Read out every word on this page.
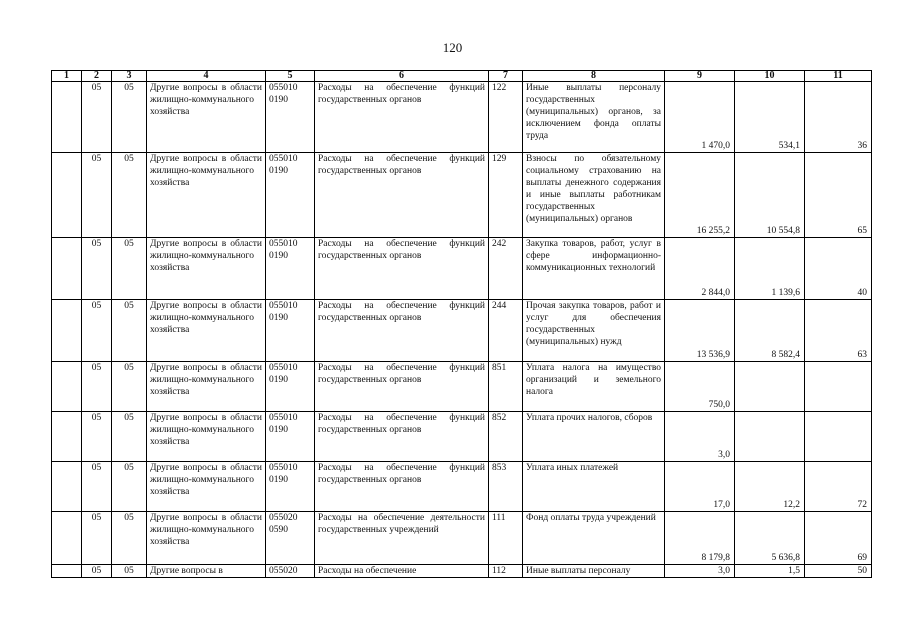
120
1	2	3	4	5	6	7	8	9	10	11
	05	05	Другие вопросы в области жилищно-коммунального хозяйства	055010 0190	Расходы на обеспечение функций государственных органов	122	Иные выплаты персоналу государственных (муниципальных) органов, за исключением фонда оплаты труда	1 470,0	534,1	36
	05	05	Другие вопросы в области жилищно-коммунального хозяйства	055010 0190	Расходы на обеспечение функций государственных органов	129	Взносы по обязательному социальному страхованию на выплаты денежного содержания и иные выплаты работникам государственных (муниципальных) органов	16 255,2	10 554,8	65
	05	05	Другие вопросы в области жилищно-коммунального хозяйства	055010 0190	Расходы на обеспечение функций государственных органов	242	Закупка товаров, работ, услуг в сфере информационно-коммуникационных технологий	2 844,0	1 139,6	40
	05	05	Другие вопросы в области жилищно-коммунального хозяйства	055010 0190	Расходы на обеспечение функций государственных органов	244	Прочая закупка товаров, работ и услуг для обеспечения государственных (муниципальных) нужд	13 536,9	8 582,4	63
	05	05	Другие вопросы в области жилищно-коммунального хозяйства	055010 0190	Расходы на обеспечение функций государственных органов	851	Уплата налога на имущество организаций и земельного налога	750,0		
	05	05	Другие вопросы в области жилищно-коммунального хозяйства	055010 0190	Расходы на обеспечение функций государственных органов	852	Уплата прочих налогов, сборов	3,0		
	05	05	Другие вопросы в области жилищно-коммунального хозяйства	055010 0190	Расходы на обеспечение функций государственных органов	853	Уплата иных платежей	17,0	12,2	72
	05	05	Другие вопросы в области жилищно-коммунального хозяйства	055020 0590	Расходы на обеспечение деятельности государственных учреждений	111	Фонд оплаты труда учреждений	8 179,8	5 636,8	69
	05	05	Другие вопросы в	055020	Расходы на обеспечение	112	Иные выплаты персоналу	3,0	1,5	50
